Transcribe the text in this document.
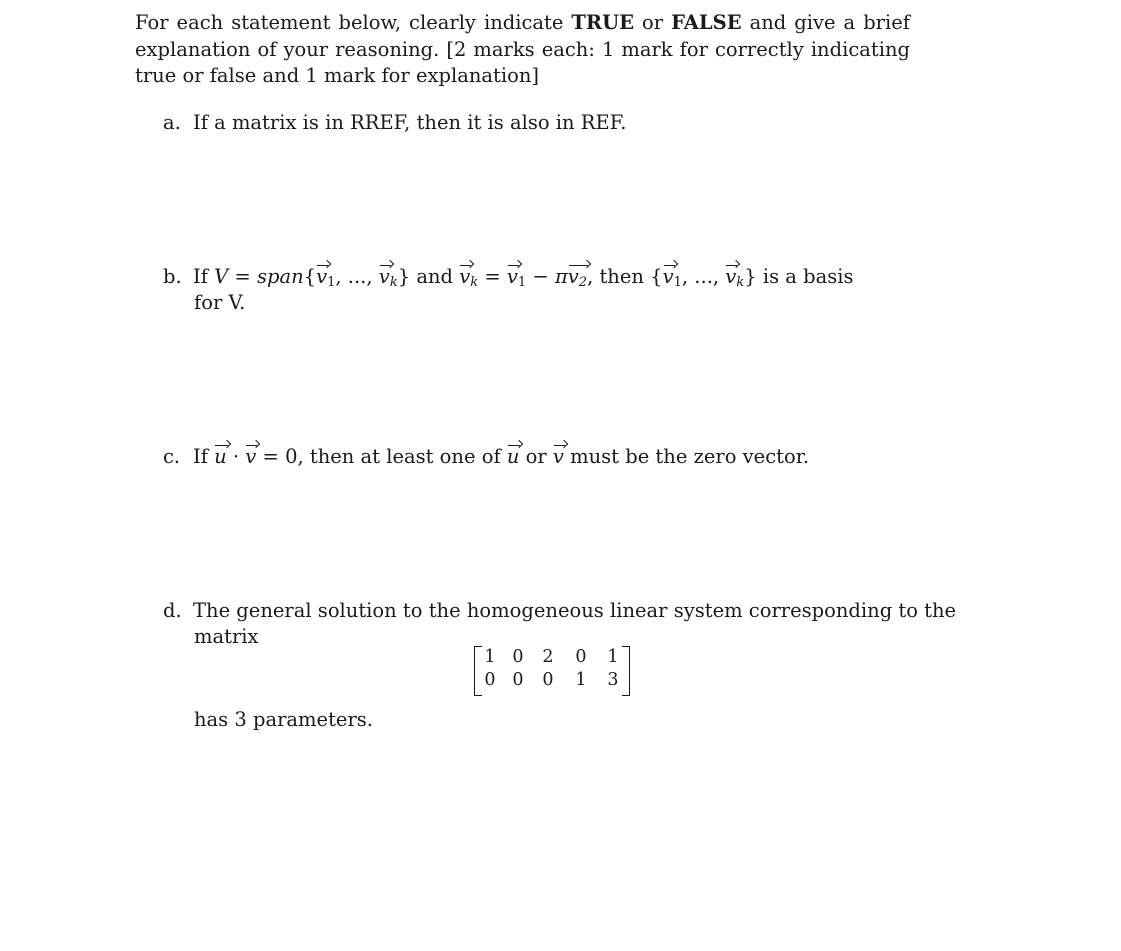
For each statement below, clearly indicate TRUE or FALSE and give a brief explanation of your reasoning. [2 marks each: 1 mark for correctly indicating true or false and 1 mark for explanation]
a. If a matrix is in RREF, then it is also in REF.
b. If $V = span\{v_1$, ..., $v_k$} and $v_k = v_1 - \pi v_2$, then {$v_1$, ..., $v_k$} is a basis
for V.
c. If u · v = 0, then at least one of u or v must be the zero vector.
d. The general solution to the homogeneous linear system corresponding to the
matrix
1 0 2 0 1
0 0 0 1 3
has 3 parameters.
